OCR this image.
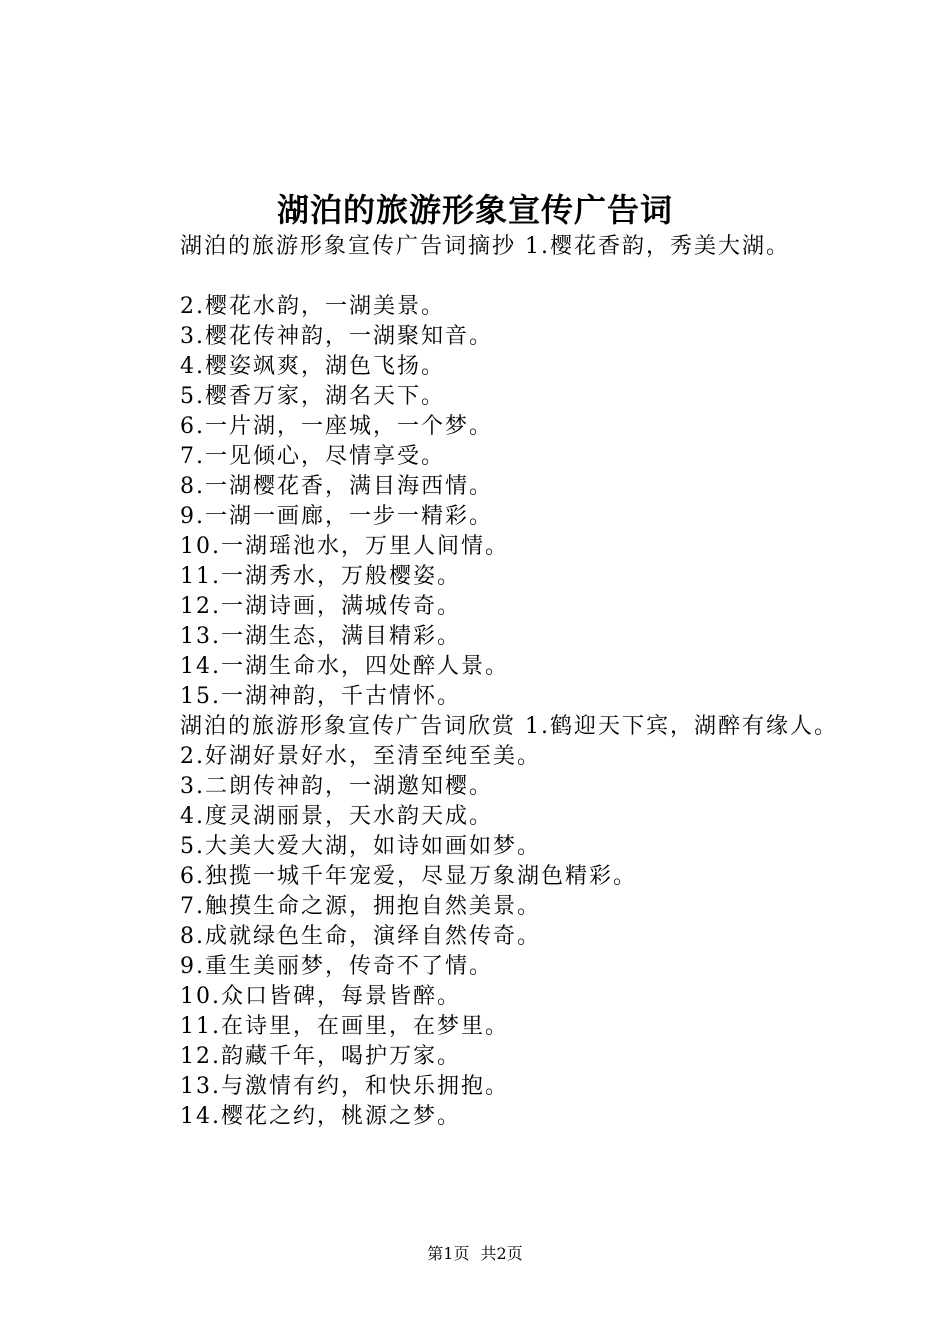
湖泊的旅游形象宣传广告词
湖泊的旅游形象宣传广告词摘抄 1.樱花香韵，秀美大湖。
2.樱花水韵，一湖美景。
3.樱花传神韵，一湖聚知音。
4.樱姿飒爽，湖色飞扬。
5.樱香万家，湖名天下。
6.一片湖，一座城，一个梦。
7.一见倾心，尽情享受。
8.一湖樱花香，满目海西情。
9.一湖一画廊，一步一精彩。
10.一湖瑶池水，万里人间情。
11.一湖秀水，万般樱姿。
12.一湖诗画，满城传奇。
13.一湖生态，满目精彩。
14.一湖生命水，四处醉人景。
15.一湖神韵，千古情怀。
湖泊的旅游形象宣传广告词欣赏 1.鹤迎天下宾，湖醉有缘人。
2.好湖好景好水，至清至纯至美。
3.二朗传神韵，一湖邀知樱。
4.度灵湖丽景，天水韵天成。
5.大美大爱大湖，如诗如画如梦。
6.独揽一城千年宠爱，尽显万象湖色精彩。
7.触摸生命之源，拥抱自然美景。
8.成就绿色生命，演绎自然传奇。
9.重生美丽梦，传奇不了情。
10.众口皆碑，每景皆醉。
11.在诗里，在画里，在梦里。
12.韵藏千年，喝护万家。
13.与激情有约，和快乐拥抱。
14.樱花之约，桃源之梦。
第1页 共2页
